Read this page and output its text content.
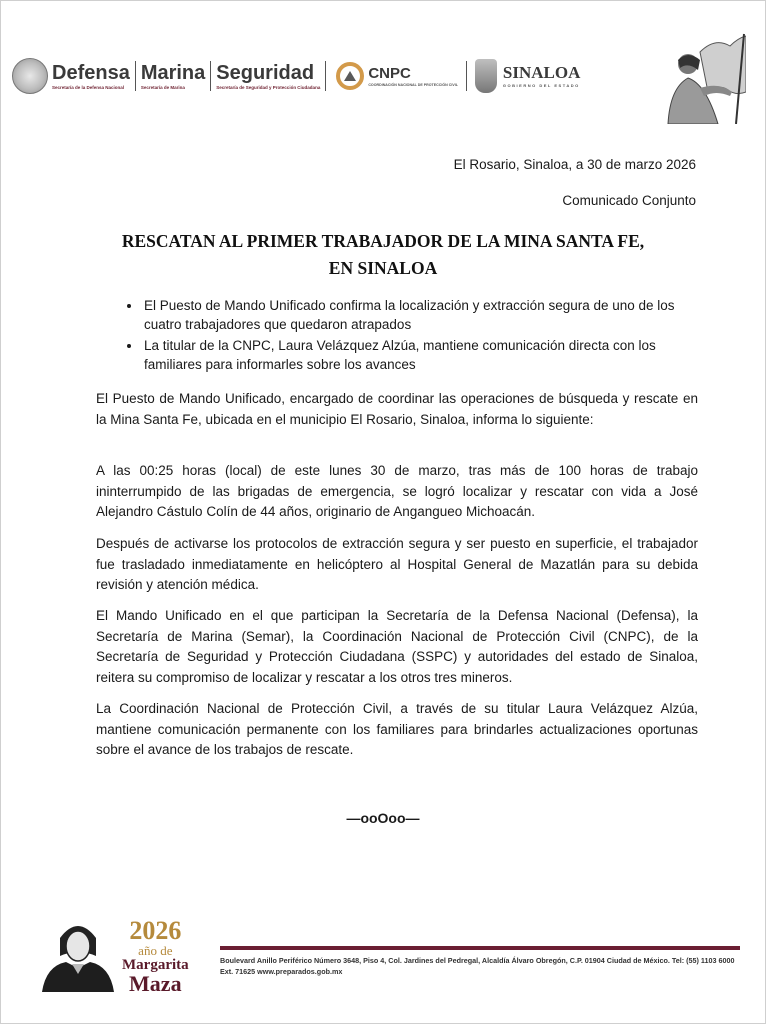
Defensa
Secretaría de la Defensa Nacional
Marina
Secretaría de Marina
Seguridad
Secretaría de Seguridad y Protección Ciudadana
CNPC
COORDINACIÓN NACIONAL DE PROTECCIÓN CIVIL
SINALOA
GOBIERNO DEL ESTADO
El Rosario, Sinaloa, a 30 de marzo 2026
Comunicado Conjunto
RESCATAN AL PRIMER TRABAJADOR DE LA MINA SANTA FE,
EN SINALOA
• El Puesto de Mando Unificado confirma la localización y extracción segura de uno de los cuatro trabajadores que quedaron atrapados
• La titular de la CNPC, Laura Velázquez Alzúa, mantiene comunicación directa con los familiares para informarles sobre los avances
El Puesto de Mando Unificado, encargado de coordinar las operaciones de búsqueda y rescate en la Mina Santa Fe, ubicada en el municipio El Rosario, Sinaloa, informa lo siguiente:
A las 00:25 horas (local) de este lunes 30 de marzo, tras más de 100 horas de trabajo ininterrumpido de las brigadas de emergencia, se logró localizar y rescatar con vida a José Alejandro Cástulo Colín de 44 años, originario de Angangueo Michoacán.
Después de activarse los protocolos de extracción segura y ser puesto en superficie, el trabajador fue trasladado inmediatamente en helicóptero al Hospital General de Mazatlán para su debida revisión y atención médica.
El Mando Unificado en el que participan la Secretaría de la Defensa Nacional (Defensa), la Secretaría de Marina (Semar), la Coordinación Nacional de Protección Civil (CNPC), de la Secretaría de Seguridad y Protección Ciudadana (SSPC) y autoridades del estado de Sinaloa, reitera su compromiso de localizar y rescatar a los otros tres mineros.
La Coordinación Nacional de Protección Civil, a través de su titular Laura Velázquez Alzúa, mantiene comunicación permanente con los familiares para brindarles actualizaciones oportunas sobre el avance de los trabajos de rescate.
—ooOoo—
2026
año de
Margarita
Maza
Boulevard Anillo Periférico Número 3648, Piso 4, Col. Jardines del Pedregal, Alcaldía Álvaro Obregón, C.P. 01904 Ciudad de México. Tel: (55) 1103 6000 Ext. 71625 www.preparados.gob.mx
